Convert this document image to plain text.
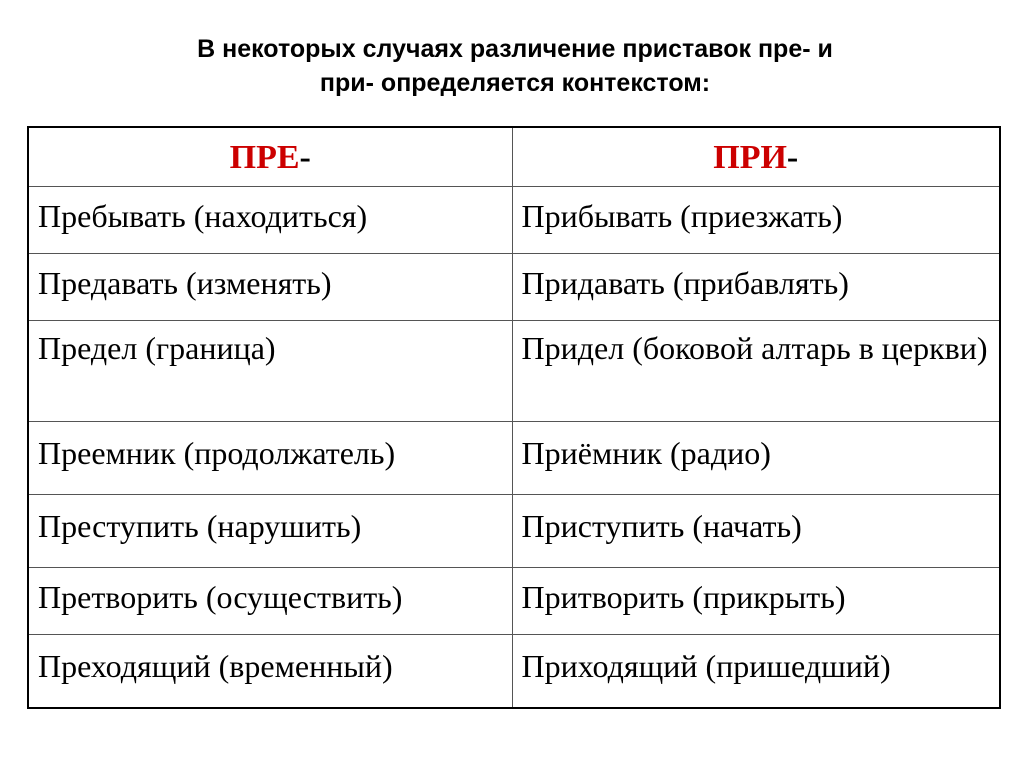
В некоторых случаях различение приставок пре- и
при- определяется контекстом:
ПРЕ-	ПРИ-
Пребывать (находиться)	Прибывать (приезжать)
Предавать (изменять)	Придавать (прибавлять)
Предел (граница)	Придел (боковой алтарь в церкви)
Преемник (продолжатель)	Приёмник (радио)
Преступить (нарушить)	Приступить (начать)
Претворить (осуществить)	Притворить (прикрыть)
Преходящий (временный)	Приходящий (пришедший)
